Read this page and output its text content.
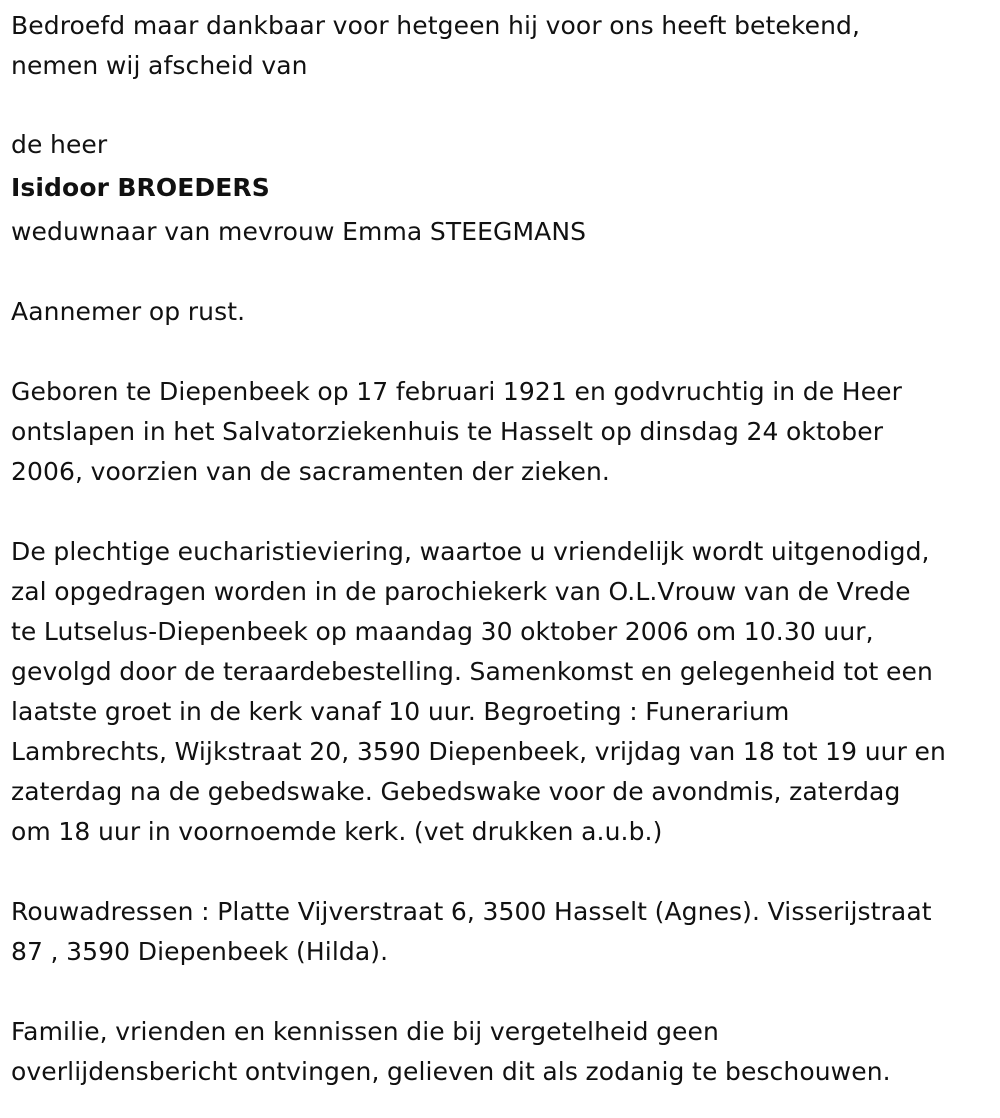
Bedroefd maar dankbaar voor hetgeen hij voor ons heeft betekend,
nemen wij afscheid van

de heer

Isidoor BROEDERS

weduwnaar van mevrouw Emma STEEGMANS

Aannemer op rust.

Geboren te Diepenbeek op 17 februari 1921 en godvruchtig in de Heer
ontslapen in het Salvatorziekenhuis te Hasselt op dinsdag 24 oktober
2006, voorzien van de sacramenten der zieken.

De plechtige eucharistieviering, waartoe u vriendelijk wordt uitgenodigd,
zal opgedragen worden in de parochiekerk van O.L.Vrouw van de Vrede
te Lutselus-Diepenbeek op maandag 30 oktober 2006 om 10.30 uur,
gevolgd door de teraardebestelling. Samenkomst en gelegenheid tot een
laatste groet in de kerk vanaf 10 uur. Begroeting : Funerarium
Lambrechts, Wijkstraat 20, 3590 Diepenbeek, vrijdag van 18 tot 19 uur en
zaterdag na de gebedswake. Gebedswake voor de avondmis, zaterdag
om 18 uur in voornoemde kerk. (vet drukken a.u.b.)

Rouwadressen : Platte Vijverstraat 6, 3500 Hasselt (Agnes). Visserijstraat
87 , 3590 Diepenbeek (Hilda).

Familie, vrienden en kennissen die bij vergetelheid geen
overlijdensbericht ontvingen, gelieven dit als zodanig te beschouwen.
